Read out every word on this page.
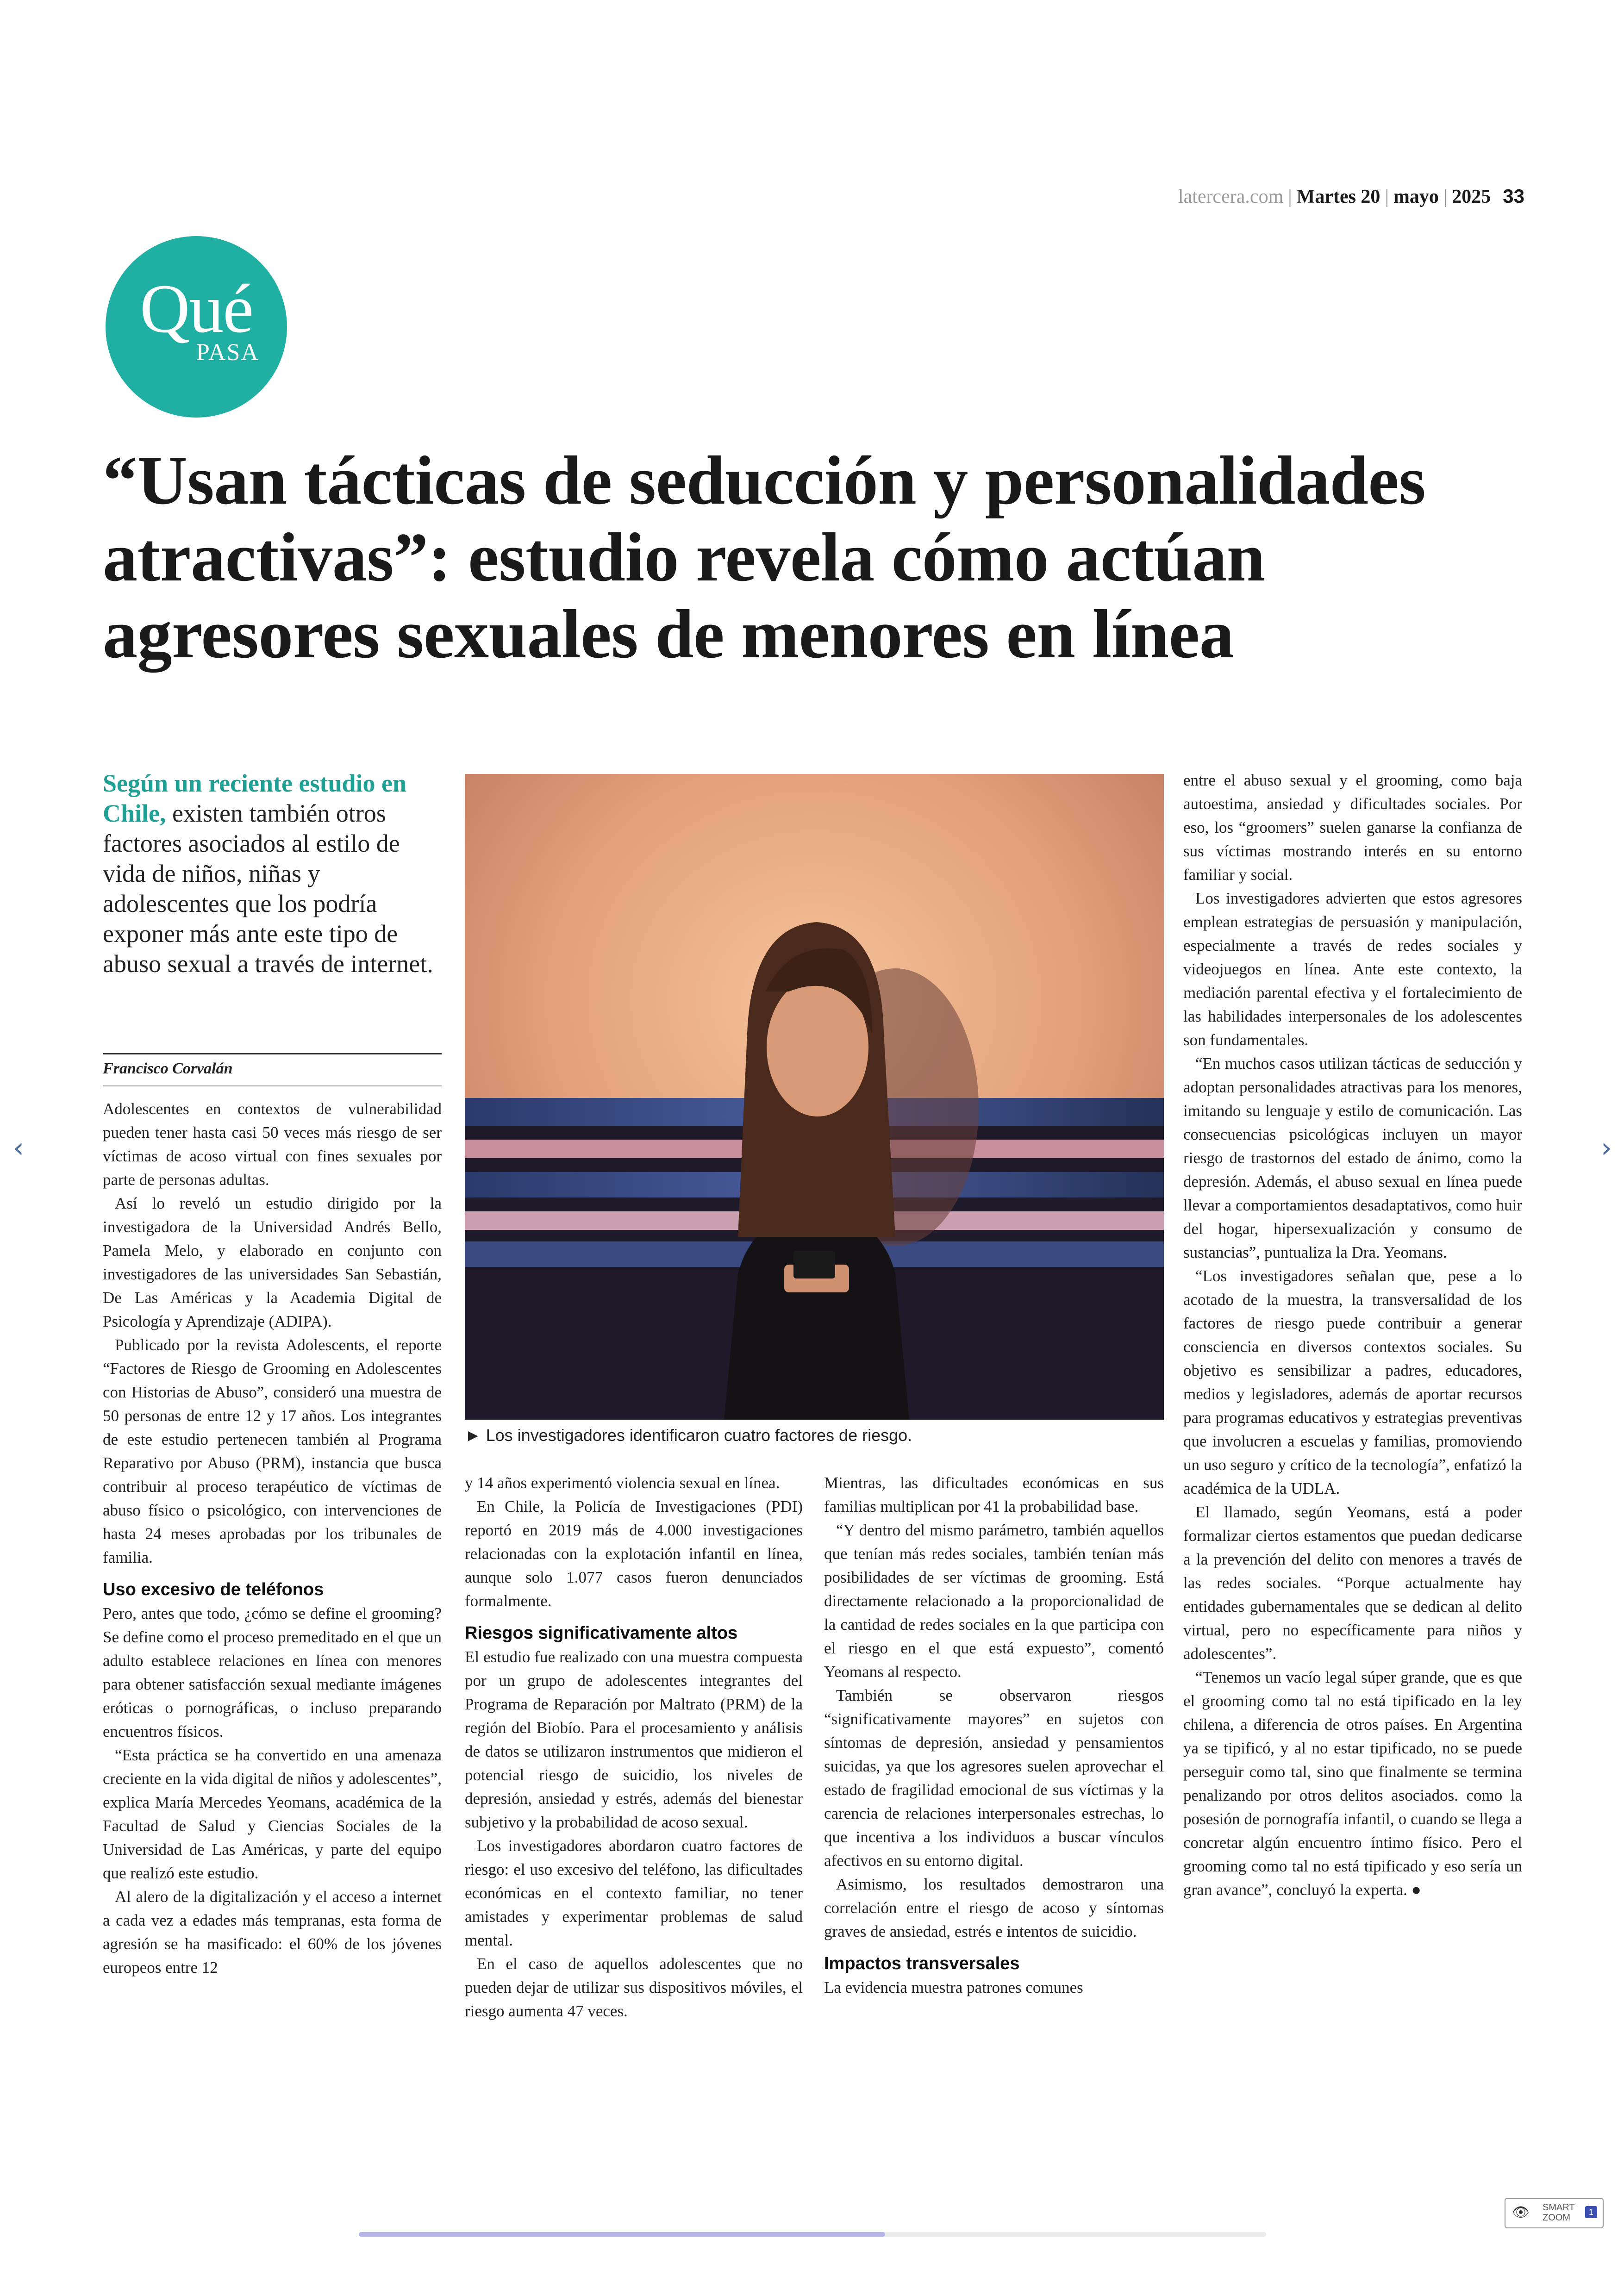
latercera.com | Martes 20 | mayo | 2025 33
Qué
PASA
“Usan tácticas de seducción y personalidades atractivas”: estudio revela cómo actúan agresores sexuales de menores en línea

Según un reciente estudio en Chile, existen también otros factores asociados al estilo de vida de niños, niñas y adolescentes que los podría exponer más ante este tipo de abuso sexual a través de internet.

Francisco Corvalán

Adolescentes en contextos de vulnerabilidad pueden tener hasta casi 50 veces más riesgo de ser víctimas de acoso virtual con fines sexuales por parte de personas adultas.

Así lo reveló un estudio dirigido por la investigadora de la Universidad Andrés Bello, Pamela Melo, y elaborado en conjunto con investigadores de las universidades San Sebastián, De Las Américas y la Academia Digital de Psicología y Aprendizaje (ADIPA).

Publicado por la revista Adolescents, el reporte “Factores de Riesgo de Grooming en Adolescentes con Historias de Abuso”, consideró una muestra de 50 personas de entre 12 y 17 años. Los integrantes de este estudio pertenecen también al Programa Reparativo por Abuso (PRM), instancia que busca contribuir al proceso terapéutico de víctimas de abuso físico o psicológico, con intervenciones de hasta 24 meses aprobadas por los tribunales de familia.

Uso excesivo de teléfonos

Pero, antes que todo, ¿cómo se define el grooming? Se define como el proceso premeditado en el que un adulto establece relaciones en línea con menores para obtener satisfacción sexual mediante imágenes eróticas o pornográficas, o incluso preparando encuentros físicos.

“Esta práctica se ha convertido en una amenaza creciente en la vida digital de niños y adolescentes”, explica María Mercedes Yeomans, académica de la Facultad de Salud y Ciencias Sociales de la Universidad de Las Américas, y parte del equipo que realizó este estudio.

Al alero de la digitalización y el acceso a internet a cada vez a edades más tempranas, esta forma de agresión se ha masificado: el 60% de los jóvenes europeos entre 12

► Los investigadores identificaron cuatro factores de riesgo.

y 14 años experimentó violencia sexual en línea.

En Chile, la Policía de Investigaciones (PDI) reportó en 2019 más de 4.000 investigaciones relacionadas con la explotación infantil en línea, aunque solo 1.077 casos fueron denunciados formalmente.

Riesgos significativamente altos

El estudio fue realizado con una muestra compuesta por un grupo de adolescentes integrantes del Programa de Reparación por Maltrato (PRM) de la región del Biobío. Para el procesamiento y análisis de datos se utilizaron instrumentos que midieron el potencial riesgo de suicidio, los niveles de depresión, ansiedad y estrés, además del bienestar subjetivo y la probabilidad de acoso sexual.

Los investigadores abordaron cuatro factores de riesgo: el uso excesivo del teléfono, las dificultades económicas en el contexto familiar, no tener amistades y experimentar problemas de salud mental.

En el caso de aquellos adolescentes que no pueden dejar de utilizar sus dispositivos móviles, el riesgo aumenta 47 veces.

Mientras, las dificultades económicas en sus familias multiplican por 41 la probabilidad base.

“Y dentro del mismo parámetro, también aquellos que tenían más redes sociales, también tenían más posibilidades de ser víctimas de grooming. Está directamente relacionado a la proporcionalidad de la cantidad de redes sociales en la que participa con el riesgo en el que está expuesto”, comentó Yeomans al respecto.

También se observaron riesgos “significativamente mayores” en sujetos con síntomas de depresión, ansiedad y pensamientos suicidas, ya que los agresores suelen aprovechar el estado de fragilidad emocional de sus víctimas y la carencia de relaciones interpersonales estrechas, lo que incentiva a los individuos a buscar vínculos afectivos en su entorno digital.

Asimismo, los resultados demostraron una correlación entre el riesgo de acoso y síntomas graves de ansiedad, estrés e intentos de suicidio.

Impactos transversales

La evidencia muestra patrones comunes

entre el abuso sexual y el grooming, como baja autoestima, ansiedad y dificultades sociales. Por eso, los “groomers” suelen ganarse la confianza de sus víctimas mostrando interés en su entorno familiar y social.

Los investigadores advierten que estos agresores emplean estrategias de persuasión y manipulación, especialmente a través de redes sociales y videojuegos en línea. Ante este contexto, la mediación parental efectiva y el fortalecimiento de las habilidades interpersonales de los adolescentes son fundamentales.

“En muchos casos utilizan tácticas de seducción y adoptan personalidades atractivas para los menores, imitando su lenguaje y estilo de comunicación. Las consecuencias psicológicas incluyen un mayor riesgo de trastornos del estado de ánimo, como la depresión. Además, el abuso sexual en línea puede llevar a comportamientos desadaptativos, como huir del hogar, hipersexualización y consumo de sustancias”, puntualiza la Dra. Yeomans.

“Los investigadores señalan que, pese a lo acotado de la muestra, la transversalidad de los factores de riesgo puede contribuir a generar consciencia en diversos contextos sociales. Su objetivo es sensibilizar a padres, educadores, medios y legisladores, además de aportar recursos para programas educativos y estrategias preventivas que involucren a escuelas y familias, promoviendo un uso seguro y crítico de la tecnología”, enfatizó la académica de la UDLA.

El llamado, según Yeomans, está a poder formalizar ciertos estamentos que puedan dedicarse a la prevención del delito con menores a través de las redes sociales. “Porque actualmente hay entidades gubernamentales que se dedican al delito virtual, pero no específicamente para niños y adolescentes”.

“Tenemos un vacío legal súper grande, que es que el grooming como tal no está tipificado en la ley chilena, a diferencia de otros países. En Argentina ya se tipificó, y al no estar tipificado, no se puede perseguir como tal, sino que finalmente se termina penalizando por otros delitos asociados. como la posesión de pornografía infantil, o cuando se llega a concretar algún encuentro íntimo físico. Pero el grooming como tal no está tipificado y eso sería un gran avance”, concluyó la experta. ●

‹	›
👁 SMART
ZOOM
1
